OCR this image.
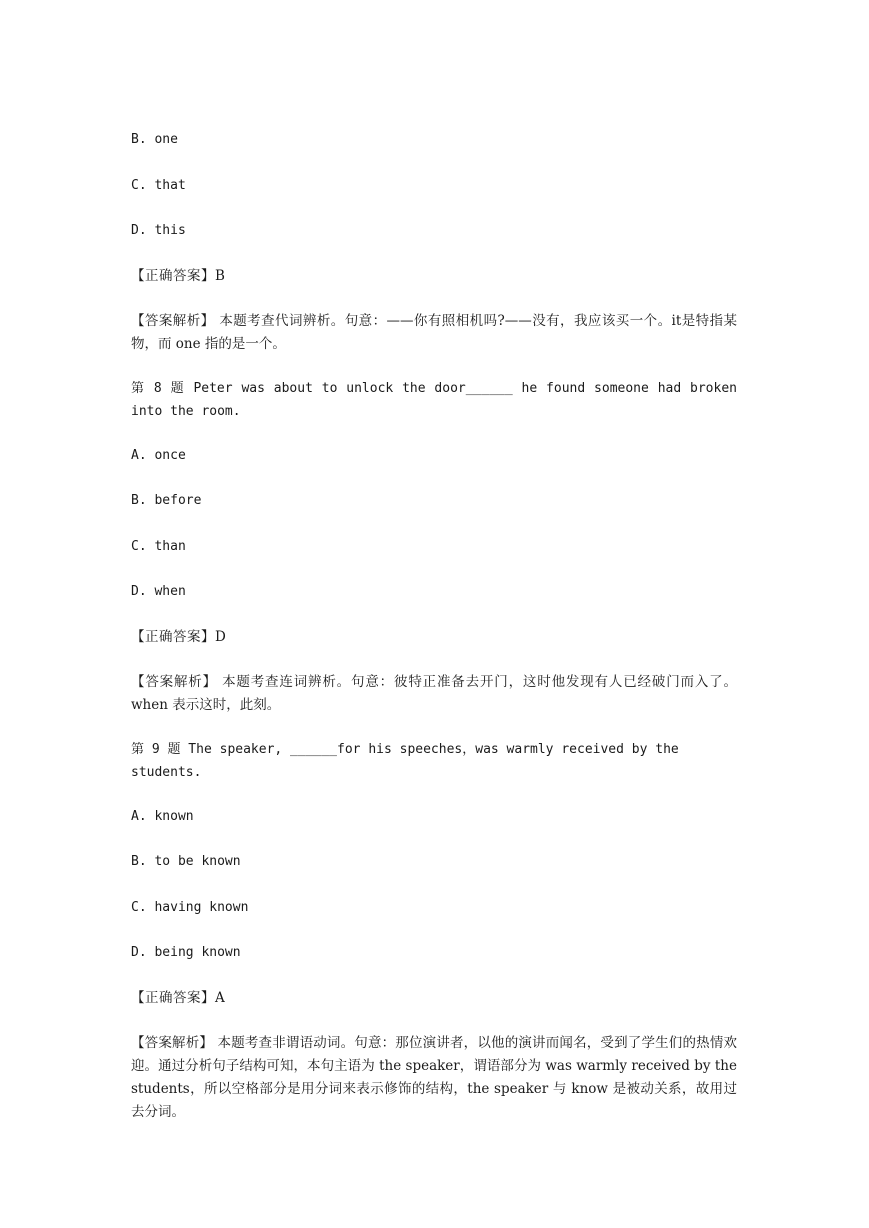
B. one

C. that

D. this

【正确答案】B

【答案解析】 本题考查代词辨析。句意：——你有照相机吗?——没有，我应该买一个。it是特指某物，而 one 指的是一个。

第 8 题 Peter was about to unlock the door______ he found someone had broken into the room.

A. once

B. before

C. than

D. when

【正确答案】D

【答案解析】 本题考查连词辨析。句意：彼特正准备去开门，这时他发现有人已经破门而入了。when 表示这时，此刻。

第 9 题 The speaker, ______for his speeches，was warmly received by the students.

A. known

B. to be known

C. having known

D. being known

【正确答案】A

【答案解析】 本题考查非谓语动词。句意：那位演讲者，以他的演讲而闻名，受到了学生们的热情欢迎。通过分析句子结构可知，本句主语为 the speaker，谓语部分为 was warmly received by the students，所以空格部分是用分词来表示修饰的结构，the speaker 与 know 是被动关系，故用过去分词。
